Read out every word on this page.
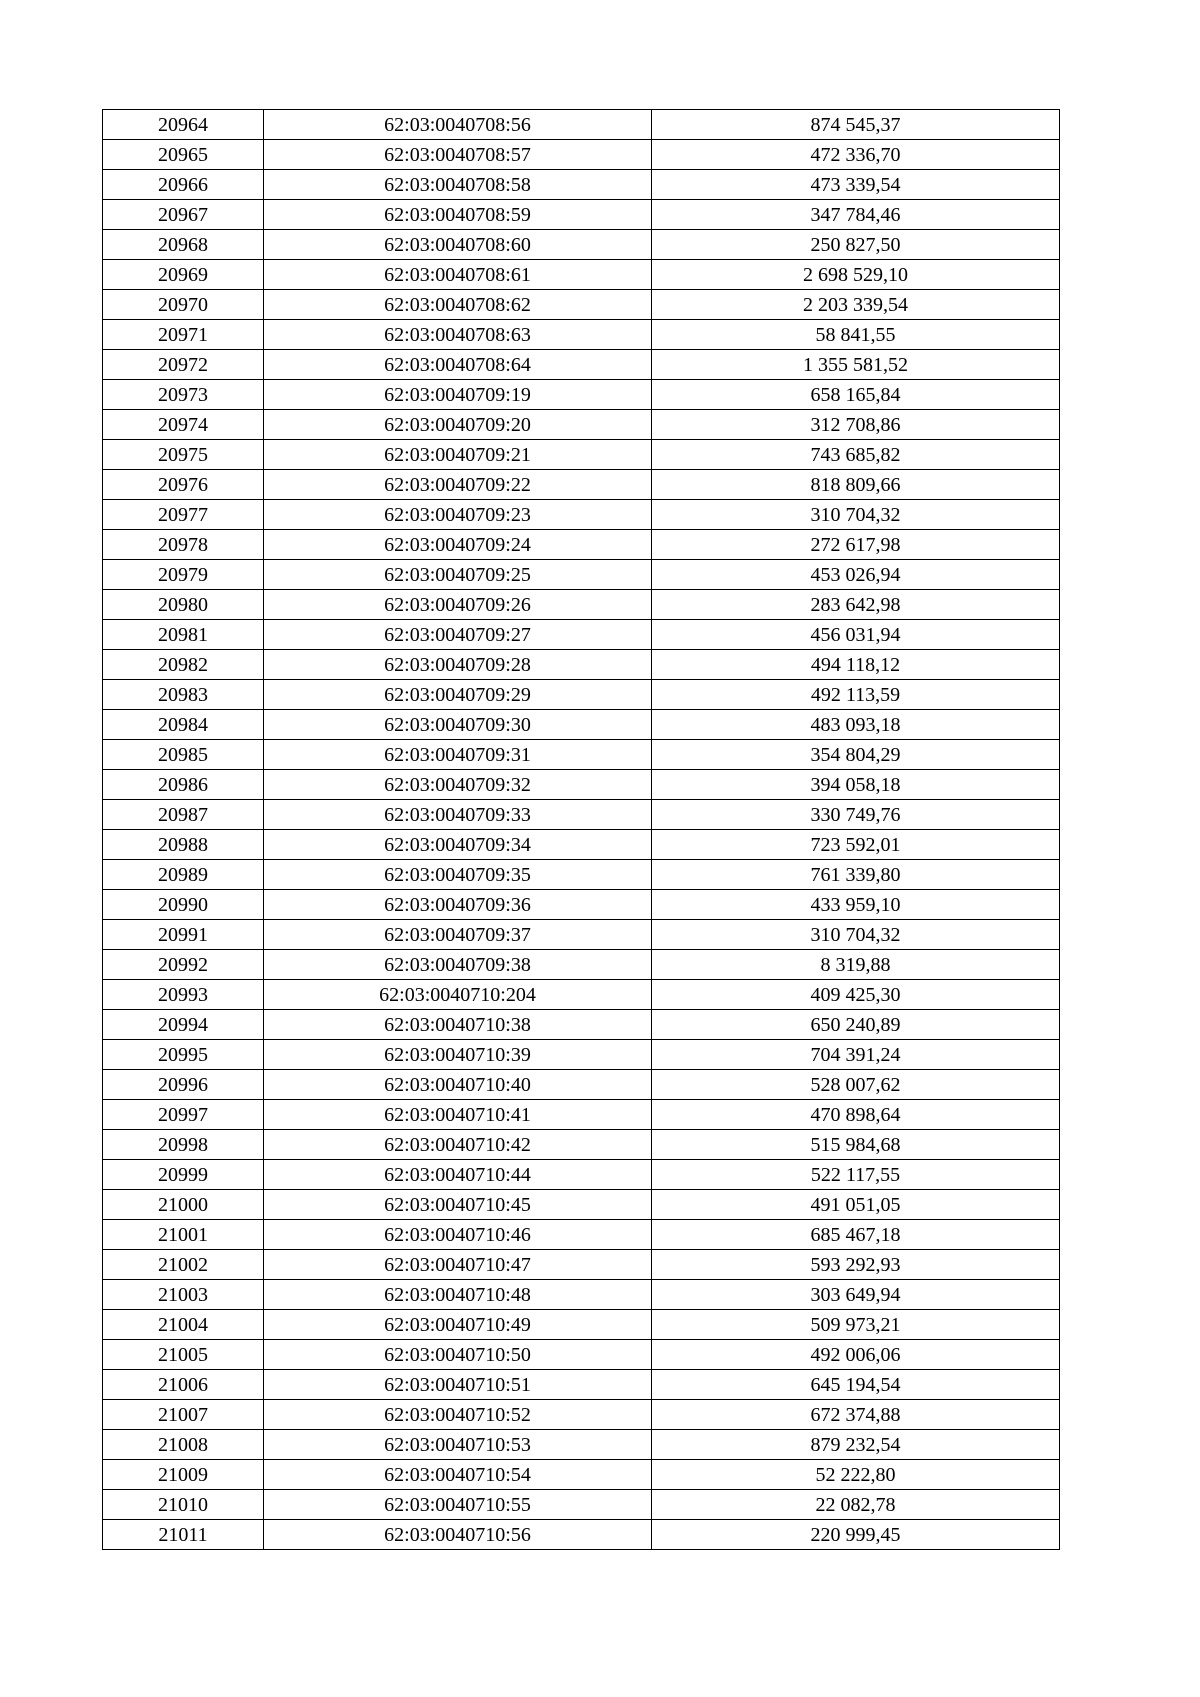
20964	62:03:0040708:56	874 545,37
20965	62:03:0040708:57	472 336,70
20966	62:03:0040708:58	473 339,54
20967	62:03:0040708:59	347 784,46
20968	62:03:0040708:60	250 827,50
20969	62:03:0040708:61	2 698 529,10
20970	62:03:0040708:62	2 203 339,54
20971	62:03:0040708:63	58 841,55
20972	62:03:0040708:64	1 355 581,52
20973	62:03:0040709:19	658 165,84
20974	62:03:0040709:20	312 708,86
20975	62:03:0040709:21	743 685,82
20976	62:03:0040709:22	818 809,66
20977	62:03:0040709:23	310 704,32
20978	62:03:0040709:24	272 617,98
20979	62:03:0040709:25	453 026,94
20980	62:03:0040709:26	283 642,98
20981	62:03:0040709:27	456 031,94
20982	62:03:0040709:28	494 118,12
20983	62:03:0040709:29	492 113,59
20984	62:03:0040709:30	483 093,18
20985	62:03:0040709:31	354 804,29
20986	62:03:0040709:32	394 058,18
20987	62:03:0040709:33	330 749,76
20988	62:03:0040709:34	723 592,01
20989	62:03:0040709:35	761 339,80
20990	62:03:0040709:36	433 959,10
20991	62:03:0040709:37	310 704,32
20992	62:03:0040709:38	8 319,88
20993	62:03:0040710:204	409 425,30
20994	62:03:0040710:38	650 240,89
20995	62:03:0040710:39	704 391,24
20996	62:03:0040710:40	528 007,62
20997	62:03:0040710:41	470 898,64
20998	62:03:0040710:42	515 984,68
20999	62:03:0040710:44	522 117,55
21000	62:03:0040710:45	491 051,05
21001	62:03:0040710:46	685 467,18
21002	62:03:0040710:47	593 292,93
21003	62:03:0040710:48	303 649,94
21004	62:03:0040710:49	509 973,21
21005	62:03:0040710:50	492 006,06
21006	62:03:0040710:51	645 194,54
21007	62:03:0040710:52	672 374,88
21008	62:03:0040710:53	879 232,54
21009	62:03:0040710:54	52 222,80
21010	62:03:0040710:55	22 082,78
21011	62:03:0040710:56	220 999,45
